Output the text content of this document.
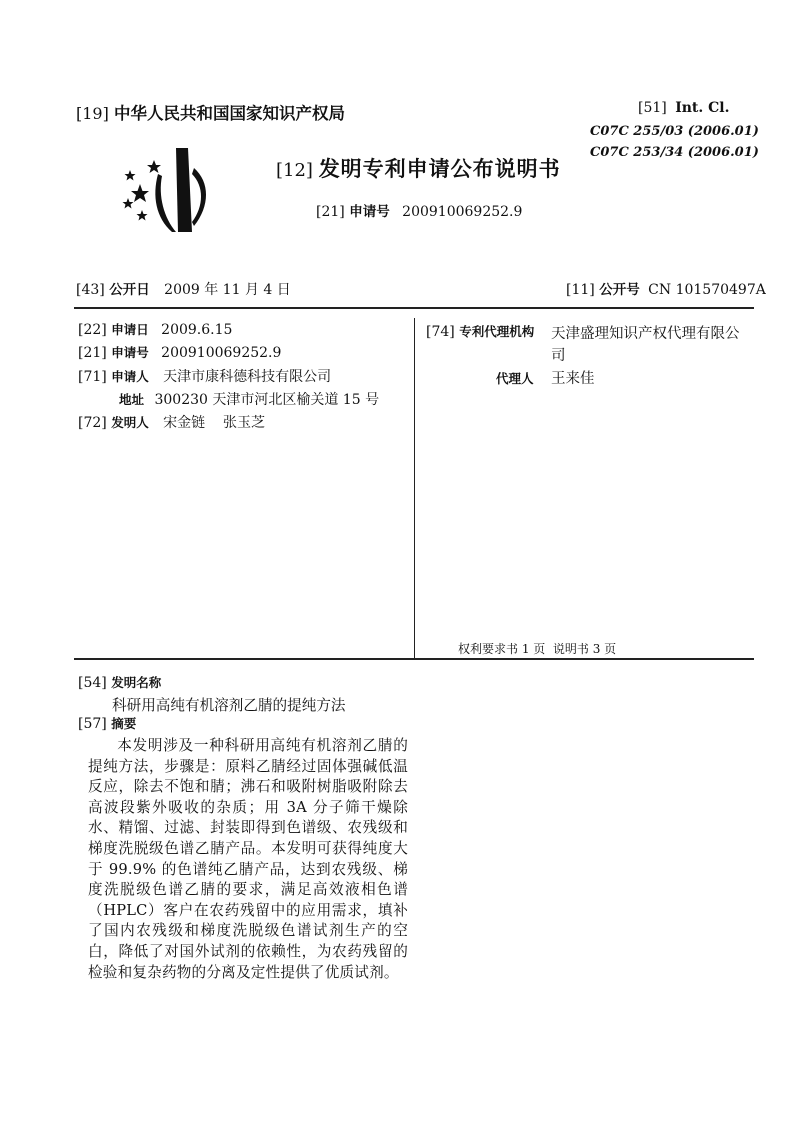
[19] 中华人民共和国国家知识产权局
[12] 发明专利申请公布说明书
[21] 申请号 200910069252.9
[51] Int. Cl.
C07C 255/03 (2006.01)
C07C 253/34 (2006.01)
[43] 公开日 2009 年 11 月 4 日	[11] 公开号 CN 101570497A
[22] 申请日 2009.6.15
[21] 申请号 200910069252.9
[71] 申请人 天津市康科德科技有限公司
地址 300230 天津市河北区榆关道 15 号
[72] 发明人 宋金链    张玉芝
[74] 专利代理机构 天津盛理知识产权代理有限公
司
代理人 王来佳
权利要求书 1 页  说明书 3 页
[54] 发明名称
科研用高纯有机溶剂乙腈的提纯方法
[57] 摘要
本发明涉及一种科研用高纯有机溶剂乙腈的提纯方法，步骤是：原料乙腈经过固体强碱低温反应，除去不饱和腈；沸石和吸附树脂吸附除去高波段紫外吸收的杂质；用 3A 分子筛干燥除水、精馏、过滤、封装即得到色谱级、农残级和梯度洗脱级色谱乙腈产品。本发明可获得纯度大于 99.9% 的色谱纯乙腈产品，达到农残级、梯度洗脱级色谱乙腈的要求，满足高效液相色谱（HPLC）客户在农药残留中的应用需求，填补了国内农残级和梯度洗脱级色谱试剂生产的空白，降低了对国外试剂的依赖性，为农药残留的检验和复杂药物的分离及定性提供了优质试剂。
